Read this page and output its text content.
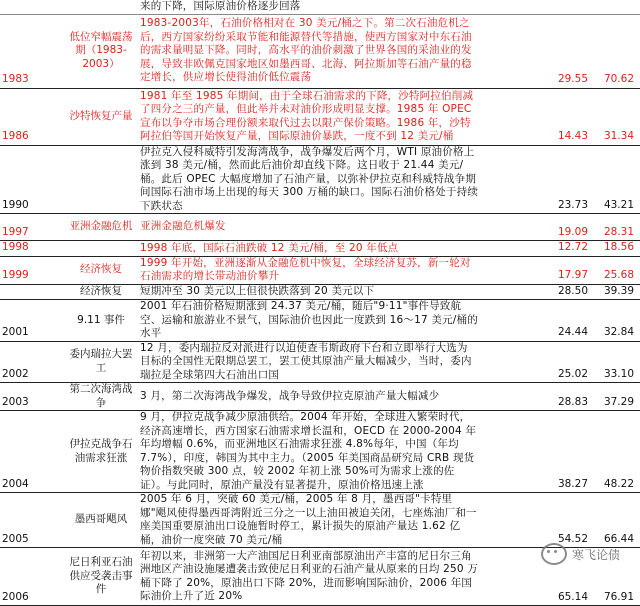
		来的下降，国际原油价格逐步回落			
1983	低位窄幅震荡期（1983-2003）	1983-2003年，石油价格相对在 30 美元/桶之下。第二次石油危机之后，西方国家纷纷采取节能和能源替代等措施，使西方国家对中东石油的需求量明显下降。同时，高水平的油价刺激了世界各国的采油业的发展，导致非欧佩克国家地区如墨西哥、北海、阿拉斯加等石油产量的稳定增长，供应增长使得油价低位震荡		29.55	70.62
1986	沙特恢复产量	1981 年至 1985 年期间，由于全球石油需求的下降，沙特阿拉伯削减了四分之三的产量，但此举并未对油价形成明显支撑。1985 年 OPEC 宣布以争夺市场合理份额来取代过去以限产保价策略。1986 年，沙特阿拉伯等国开始恢复产量，国际原油价暴跌，一度不到 12 美元/桶		14.43	31.34
1990		伊拉克入侵科威特引发海湾战争，战争爆发后两个月，WTI 原油价格上涨到 38 美元/桶，然而此后油价却直线下降。这日收于 21.44 美元/桶。此后 OPEC 大幅度增加了石油产量，以弥补伊拉克和科威特战争期间国际石油市场上出现的每天 300 万桶的缺口。国际石油价格处于持续下跌状态		23.73	43.21
1997	亚洲金融危机	亚洲金融危机爆发		19.09	28.31
1998		1998 年底，国际石油跌破 12 美元/桶，至 20 年低点		12.72	18.56
1999	经济恢复	1999 年开始，亚洲逐渐从金融危机中恢复，全球经济复苏，新一轮对石油需求的增长带动油价攀升		17.97	25.68
	经济恢复	短期冲至 30 美元以上但很快跌落到 20 美元以下		28.50	39.39
2001	9.11 事件	2001 年石油价格短期涨到 24.37 美元/桶，随后"9·11"事件导致航空、运输和旅游业不景气，国际油价也因此一度跌到 16～17 美元/桶的水平		24.44	32.84
2002	委内瑞拉大罢工	12 月，委内瑞拉反对派进行以迫使查韦斯政府下台和立即举行大选为目标的全国性无限期总罢工，罢工使其原油产量大幅减少，当时，委内瑞拉是全球第四大石油出口国		25.02	33.10
2003	第二次海湾战争	3 月，第二次海湾战争爆发，战争导致伊拉克原油产量大幅减少		28.83	37.29
2004	伊拉克战争石油需求狂涨	9 月，伊拉克战争减少原油供给。2004 年开始，全球进入繁荣时代，经济高速增长，西方国家石油需求增长温和，OECD 在 2000-2004 年年均增幅 0.6%，而亚洲地区石油需求狂涨 4.8%每年，中国（年均 7.7%），印度，韩国为其中主力。（2005 年美国商品研究局 CRB 现货物价指数突破 300 点，较 2002 年初上涨 50%可为需求上涨的佐证）。与此同时，原油产量没有显著提升，原油价格迅速上涨		38.27	48.22
2005	墨西哥飓风	2005 年 6 月，突破 60 美元/桶，2005 年 8 月，墨西哥"卡特里娜"飓风使得墨西哥湾附近三分之一以上油田被迫关闭，七座炼油厂和一座美国重要原油出口设施暂时停工，累计损失的原油产量达 1.62 亿桶，油价一度突破 70 美元/桶		54.52	66.44
2006	尼日利亚石油供应受袭击事件	年初以来，非洲第一大产油国尼日利亚南部原油出产丰富的尼日尔三角洲地区产油设施屡遭袭击致使尼日利亚的石油产量从原来的日均 250 万桶下降了 20%，原油出口下降 20%，进而影响国际油价，2006 年国际油价上升了近 20%		65.14	76.91
寒飞论债
